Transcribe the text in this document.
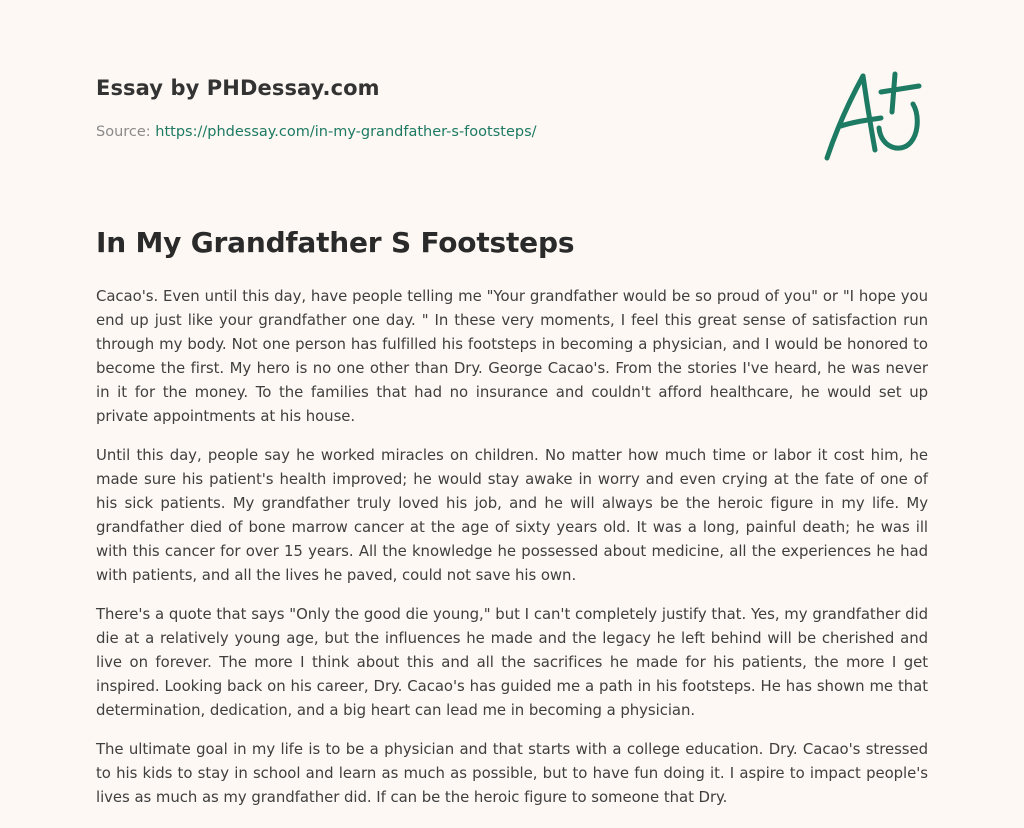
Essay by PHDessay.com
Source: https://phdessay.com/in-my-grandfather-s-footsteps/
In My Grandfather S Footsteps

Cacao's. Even until this day, have people telling me "Your grandfather would be so proud of you" or "I hope you end up just like your grandfather one day. " In these very moments, I feel this great sense of satisfaction run through my body. Not one person has fulfilled his footsteps in becoming a physician, and I would be honored to become the first. My hero is no one other than Dry. George Cacao's. From the stories I've heard, he was never in it for the money. To the families that had no insurance and couldn't afford healthcare, he would set up private appointments at his house.

Until this day, people say he worked miracles on children. No matter how much time or labor it cost him, he made sure his patient's health improved; he would stay awake in worry and even crying at the fate of one of his sick patients. My grandfather truly loved his job, and he will always be the heroic figure in my life. My grandfather died of bone marrow cancer at the age of sixty years old. It was a long, painful death; he was ill with this cancer for over 15 years. All the knowledge he possessed about medicine, all the experiences he had with patients, and all the lives he paved, could not save his own.

There's a quote that says "Only the good die young," but I can't completely justify that. Yes, my grandfather did die at a relatively young age, but the influences he made and the legacy he left behind will be cherished and live on forever. The more I think about this and all the sacrifices he made for his patients, the more I get inspired. Looking back on his career, Dry. Cacao's has guided me a path in his footsteps. He has shown me that determination, dedication, and a big heart can lead me in becoming a physician.

The ultimate goal in my life is to be a physician and that starts with a college education. Dry. Cacao's stressed to his kids to stay in school and learn as much as possible, but to have fun doing it. I aspire to impact people's lives as much as my grandfather did. If can be the heroic figure to someone that Dry.
